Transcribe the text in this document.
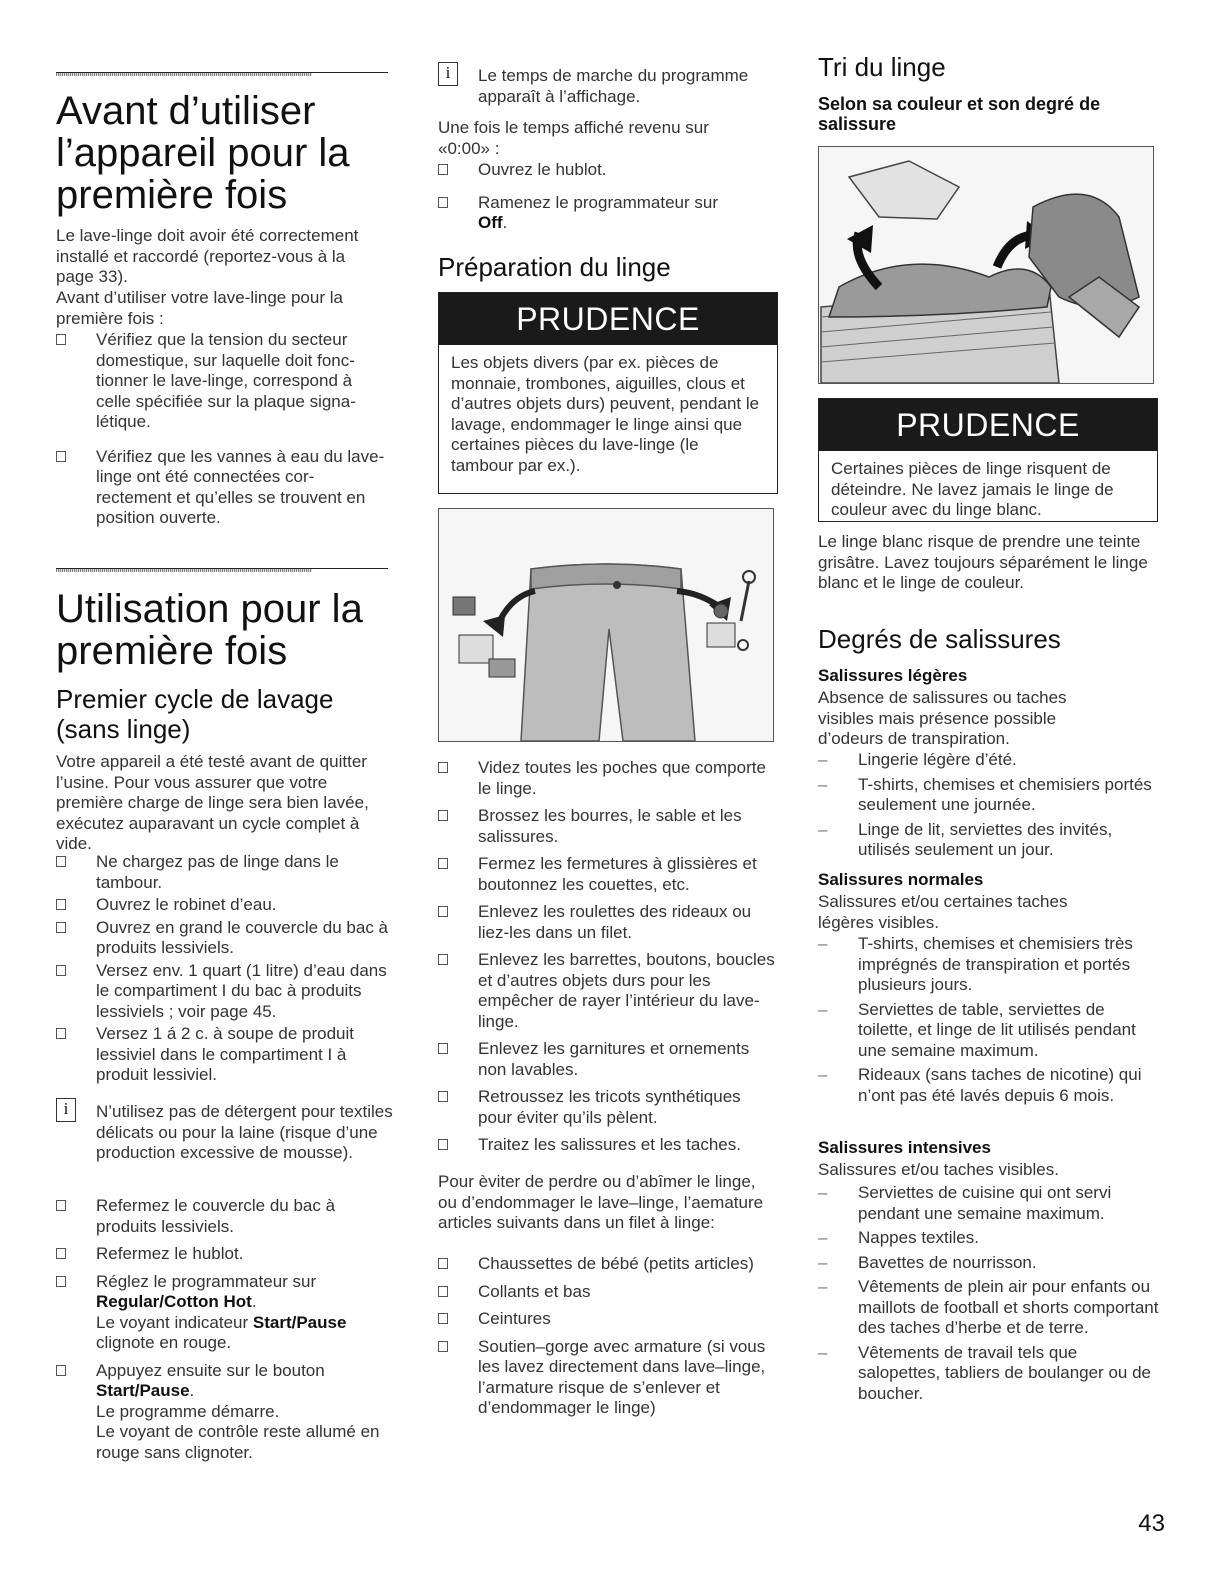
Avant d’utiliser l’appareil pour la première fois
Le lave-linge doit avoir été correctement installé et raccordé (reportez-vous à la page 33).
Avant d’utiliser votre lave-linge pour la première fois :
Vérifiez que la tension du secteur domestique, sur laquelle doit fonc-tionner le lave-linge, correspond à celle spécifiée sur la plaque signa-létique.
Vérifiez que les vannes à eau du lave-linge ont été connectées cor-rectement et qu’elles se trouvent en position ouverte.
Utilisation pour la première fois
Premier cycle de lavage (sans linge)
Votre appareil a été testé avant de quitter l’usine. Pour vous assurer que votre première charge de linge sera bien lavée, exécutez auparavant un cycle complet à vide.
Ne chargez pas de linge dans le tambour.
Ouvrez le robinet d’eau.
Ouvrez en grand le couvercle du bac à produits lessiviels.
Versez env. 1 quart (1 litre) d’eau dans le compartiment I du bac à produits lessiviels ; voir page 45.
Versez 1 á 2 c. à soupe de produit lessiviel dans le compartiment I à produit lessiviel.
i	N’utilisez pas de détergent pour textiles délicats ou pour la laine (risque d’une production excessive de mousse).
Refermez le couvercle du bac à produits lessiviels.
Refermez le hublot.
Réglez le programmateur sur
Regular/Cotton Hot.
Le voyant indicateur Start/Pause
clignote en rouge.
Appuyez ensuite sur le bouton
Start/Pause.
Le programme démarre.
Le voyant de contrôle reste allumé en rouge sans clignoter.
i	Le temps de marche du programme apparaît à l’affichage.
Une fois le temps affiché revenu sur «0:00» :
Ouvrez le hublot.
Ramenez le programmateur sur
Off.
Préparation du linge
PRUDENCE
Les objets divers (par ex. pièces de monnaie, trombones, aiguilles, clous et d’autres objets durs) peuvent, pendant le lavage, endommager le linge ainsi que certaines pièces du lave-linge (le tambour par ex.).
Videz toutes les poches que comporte le linge.
Brossez les bourres, le sable et les salissures.
Fermez les fermetures à glissières et boutonnez les couettes, etc.
Enlevez les roulettes des rideaux ou liez-les dans un filet.
Enlevez les barrettes, boutons, boucles et d’autres objets durs pour les empêcher de rayer l’intérieur du lave-linge.
Enlevez les garnitures et ornements non lavables.
Retroussez les tricots synthétiques pour éviter qu’ils pèlent.
Traitez les salissures et les taches.
Pour èviter de perdre ou d’abîmer le linge, ou d’endommager le lave–linge, l’aemature articles suivants dans un filet à linge:
Chaussettes de bébé (petits articles)
Collants et bas
Ceintures
Soutien–gorge avec armature (si vous les lavez directement dans lave–linge, l’armature risque de s’enlever et d’endommager le linge)
Tri du linge
Selon sa couleur et son degré de salissure
PRUDENCE
Certaines pièces de linge risquent de déteindre. Ne lavez jamais le linge de couleur avec du linge blanc.
Le linge blanc risque de prendre une teinte grisâtre. Lavez toujours séparément le linge blanc et le linge de couleur.
Degrés de salissures
Salissures légères
Absence de salissures ou taches visibles mais présence possible d’odeurs de transpiration.
– Lingerie légère d’été.
– T-shirts, chemises et chemisiers portés seulement une journée.
– Linge de lit, serviettes des invités, utilisés seulement un jour.
Salissures normales
Salissures et/ou certaines taches légères visibles.
– T-shirts, chemises et chemisiers très imprégnés de transpiration et portés plusieurs jours.
– Serviettes de table, serviettes de toilette, et linge de lit utilisés pendant une semaine maximum.
– Rideaux (sans taches de nicotine) qui n’ont pas été lavés depuis 6 mois.
Salissures intensives
Salissures et/ou taches visibles.
– Serviettes de cuisine qui ont servi pendant une semaine maximum.
– Nappes textiles.
– Bavettes de nourrisson.
– Vêtements de plein air pour enfants ou maillots de football et shorts comportant des taches d’herbe et de terre.
– Vêtements de travail tels que salopettes, tabliers de boulanger ou de boucher.
43
